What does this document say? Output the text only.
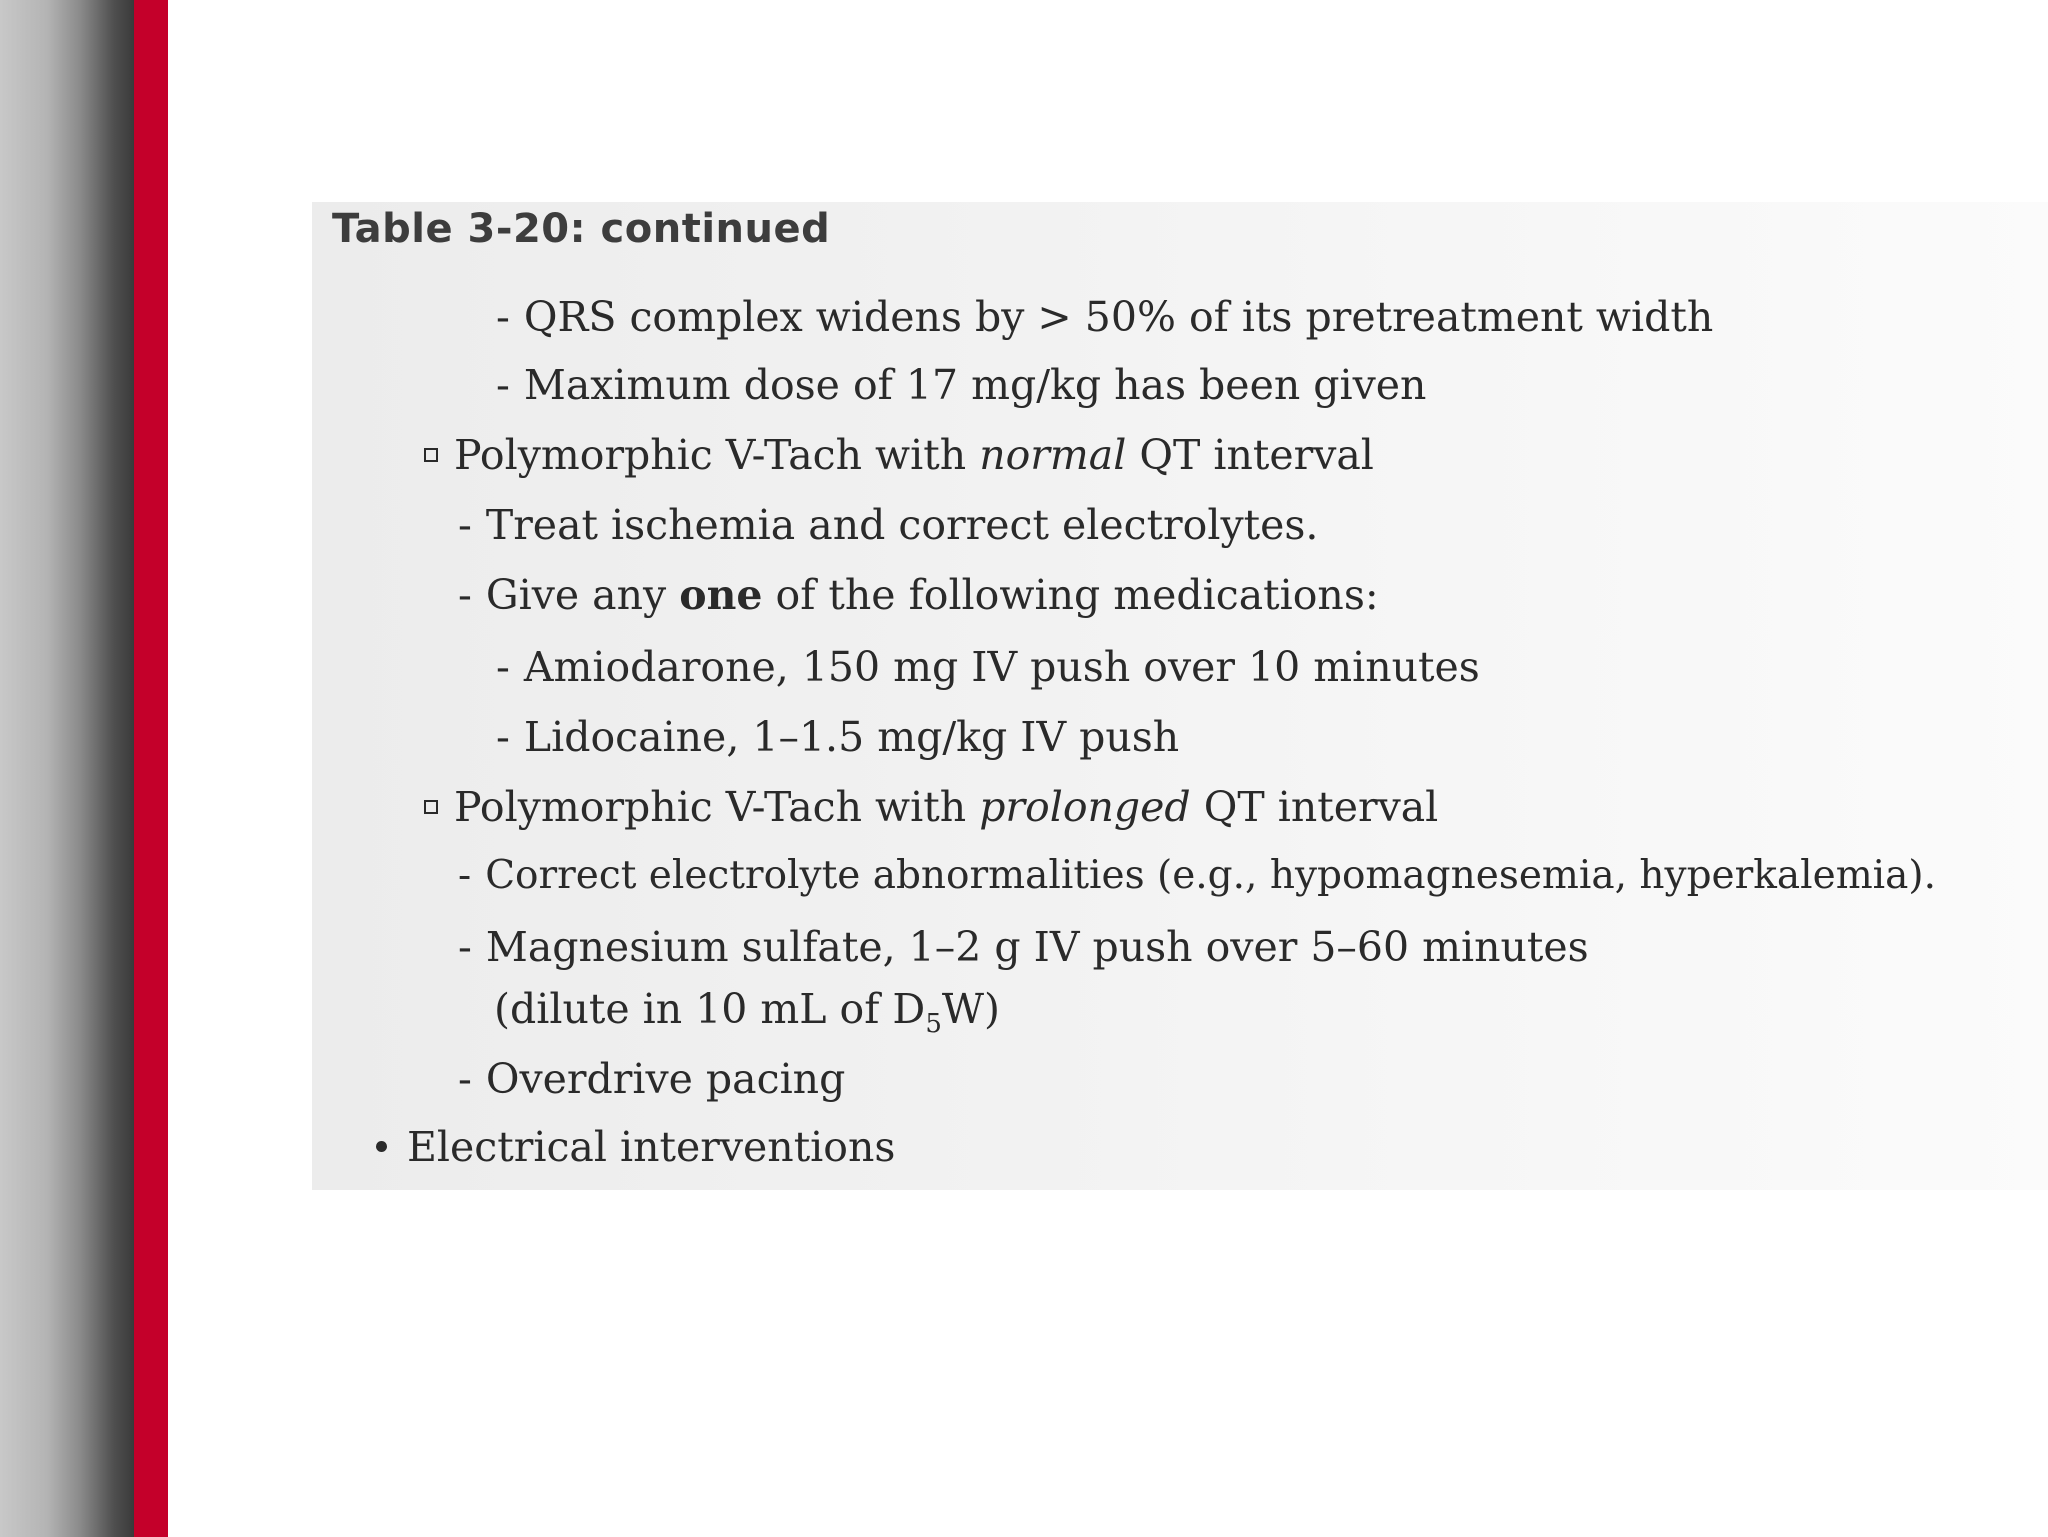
Table 3-20: continued

- QRS complex widens by > 50% of its pretreatment width

- Maximum dose of 17 mg/kg has been given

Polymorphic V-Tach with normal QT interval

- Treat ischemia and correct electrolytes.

- Give any one of the following medications:

- Amiodarone, 150 mg IV push over 10 minutes

- Lidocaine, 1–1.5 mg/kg IV push

Polymorphic V-Tach with prolonged QT interval

- Correct electrolyte abnormalities (e.g., hypomagnesemia, hyperkalemia).

- Magnesium sulfate, 1–2 g IV push over 5–60 minutes

(dilute in 10 mL of $D_5W$)

- Overdrive pacing

Electrical interventions
